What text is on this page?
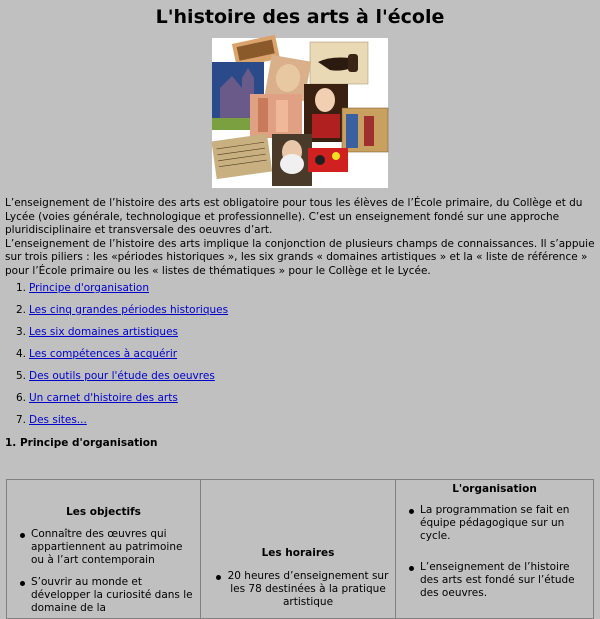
L'histoire des arts à l'école

L’enseignement de l’histoire des arts est obligatoire pour tous les élèves de l’École primaire, du Collège et du Lycée (voies générale, technologique et professionnelle). C’est un enseignement fondé sur une approche pluridisciplinaire et transversale des oeuvres d’art.

L’enseignement de l’histoire des arts implique la conjonction de plusieurs champs de connaissances. Il s’appuie sur trois piliers : les «périodes historiques », les six grands « domaines artistiques » et la « liste de référence » pour l’École primaire ou les « listes de thématiques » pour le Collège et le Lycée.

1. Principe d'organisation
2. Les cinq grandes périodes historiques
3. Les six domaines artistiques
4. Les compétences à acquérir
5. Des outils pour l'étude des oeuvres
6. Un carnet d'histoire des arts
7. Des sites...
1. Principe d'organisation
Les objectifs
Connaître des œuvres qui appartiennent au patrimoine ou à l’art contemporain
S’ouvrir au monde et développer la curiosité dans le domaine de la
Les horaires
20 heures d’enseignement sur les 78 destinées à la pratique artistique
L'organisation
La programmation se fait en équipe pédagogique sur un cycle.
L’enseignement de l’histoire des arts est fondé sur l’étude des oeuvres.
